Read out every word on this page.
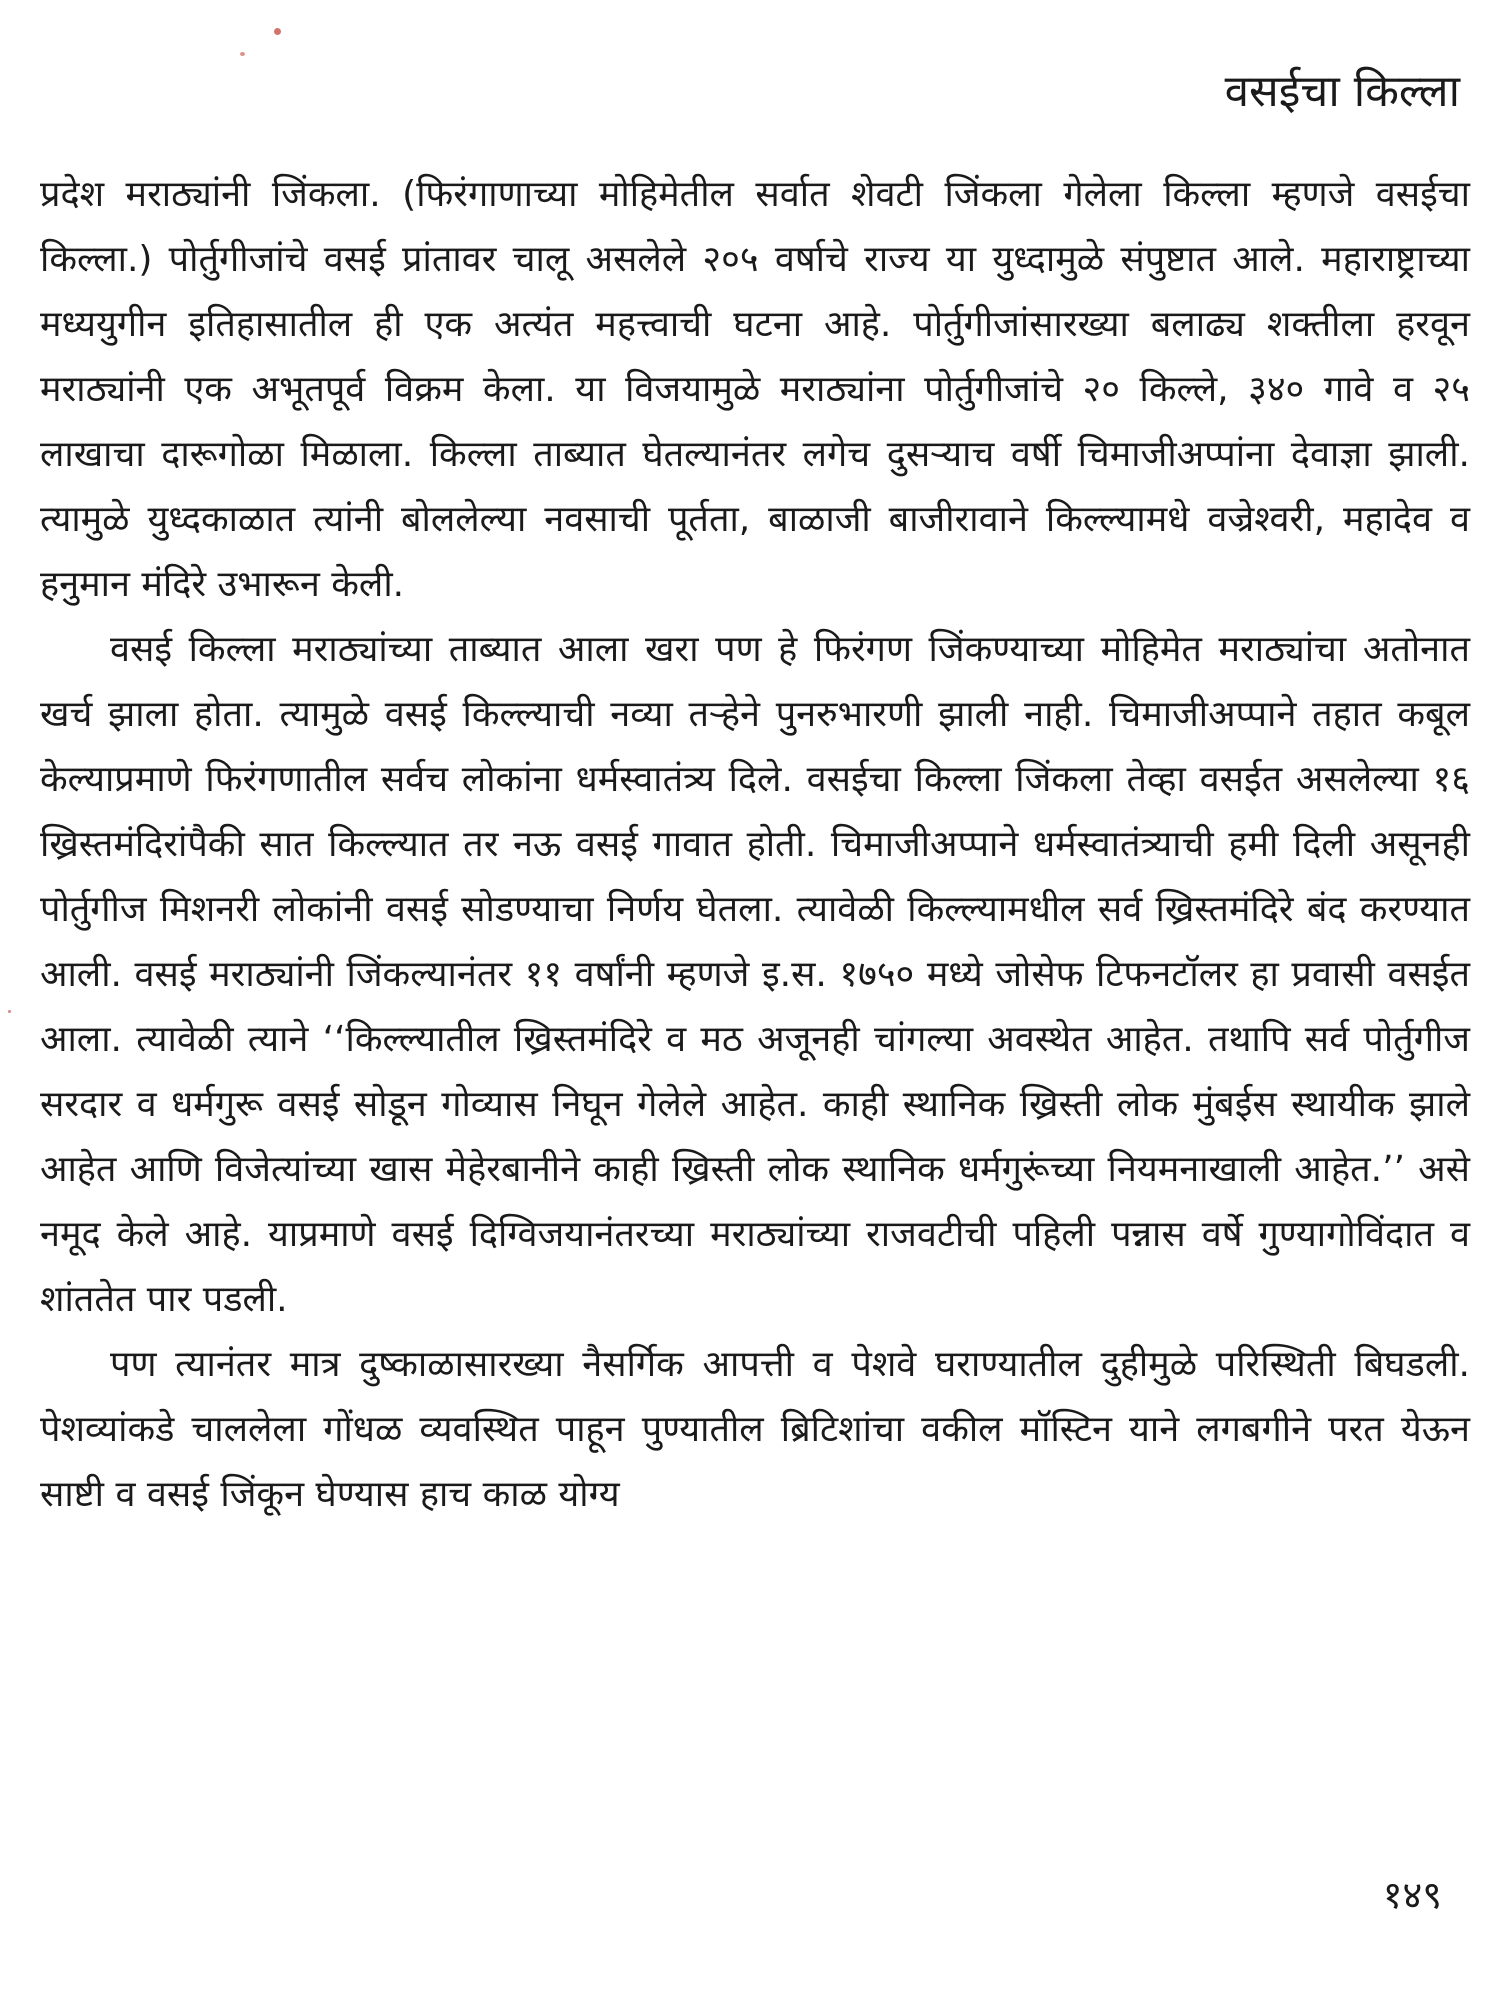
वसईचा किल्ला

प्रदेश मराठ्यांनी जिंकला. (फिरंगाणाच्या मोहिमेतील सर्वात शेवटी जिंकला गेलेला किल्ला म्हणजे वसईचा किल्ला.) पोर्तुगीजांचे वसई प्रांतावर चालू असलेले २०५ वर्षाचे राज्य या युध्दामुळे संपुष्टात आले. महाराष्ट्राच्या मध्ययुगीन इतिहासातील ही एक अत्यंत महत्त्वाची घटना आहे. पोर्तुगीजांसारख्या बलाढ्य शक्तीला हरवून मराठ्यांनी एक अभूतपूर्व विक्रम केला. या विजयामुळे मराठ्यांना पोर्तुगीजांचे २० किल्ले, ३४० गावे व २५ लाखाचा दारूगोळा मिळाला. किल्ला ताब्यात घेतल्यानंतर लगेच दुसऱ्याच वर्षी चिमाजीअप्पांना देवाज्ञा झाली. त्यामुळे युध्दकाळात त्यांनी बोललेल्या नवसाची पूर्तता, बाळाजी बाजीरावाने किल्ल्यामधे वज्रेश्वरी, महादेव व हनुमान मंदिरे उभारून केली.

वसई किल्ला मराठ्यांच्या ताब्यात आला खरा पण हे फिरंगण जिंकण्याच्या मोहिमेत मराठ्यांचा अतोनात खर्च झाला होता. त्यामुळे वसई किल्ल्याची नव्या तऱ्हेने पुनरुभारणी झाली नाही. चिमाजीअप्पाने तहात कबूल केल्याप्रमाणे फिरंगणातील सर्वच लोकांना धर्मस्वातंत्र्य दिले. वसईचा किल्ला जिंकला तेव्हा वसईत असलेल्या १६ ख्रिस्तमंदिरांपैकी सात किल्ल्यात तर नऊ वसई गावात होती. चिमाजीअप्पाने धर्मस्वातंत्र्याची हमी दिली असूनही पोर्तुगीज मिशनरी लोकांनी वसई सोडण्याचा निर्णय घेतला. त्यावेळी किल्ल्यामधील सर्व ख्रिस्तमंदिरे बंद करण्यात आली. वसई मराठ्यांनी जिंकल्यानंतर ११ वर्षांनी म्हणजे इ.स. १७५० मध्ये जोसेफ टिफनटॉलर हा प्रवासी वसईत आला. त्यावेळी त्याने ‘‘किल्ल्यातील ख्रिस्तमंदिरे व मठ अजूनही चांगल्या अवस्थेत आहेत. तथापि सर्व पोर्तुगीज सरदार व धर्मगुरू वसई सोडून गोव्यास निघून गेलेले आहेत. काही स्थानिक ख्रिस्ती लोक मुंबईस स्थायीक झाले आहेत आणि विजेत्यांच्या खास मेहेरबानीने काही ख्रिस्ती लोक स्थानिक धर्मगुरूंच्या नियमनाखाली आहेत.’’ असे नमूद केले आहे. याप्रमाणे वसई दिग्विजयानंतरच्या मराठ्यांच्या राजवटीची पहिली पन्नास वर्षे गुण्यागोविंदात व शांततेत पार पडली.

पण त्यानंतर मात्र दुष्काळासारख्या नैसर्गिक आपत्ती व पेशवे घराण्यातील दुहीमुळे परिस्थिती बिघडली. पेशव्यांकडे चाललेला गोंधळ व्यवस्थित पाहून पुण्यातील ब्रिटिशांचा वकील मॉस्टिन याने लगबगीने परत येऊन साष्टी व वसई जिंकून घेण्यास हाच काळ योग्य

१४९
